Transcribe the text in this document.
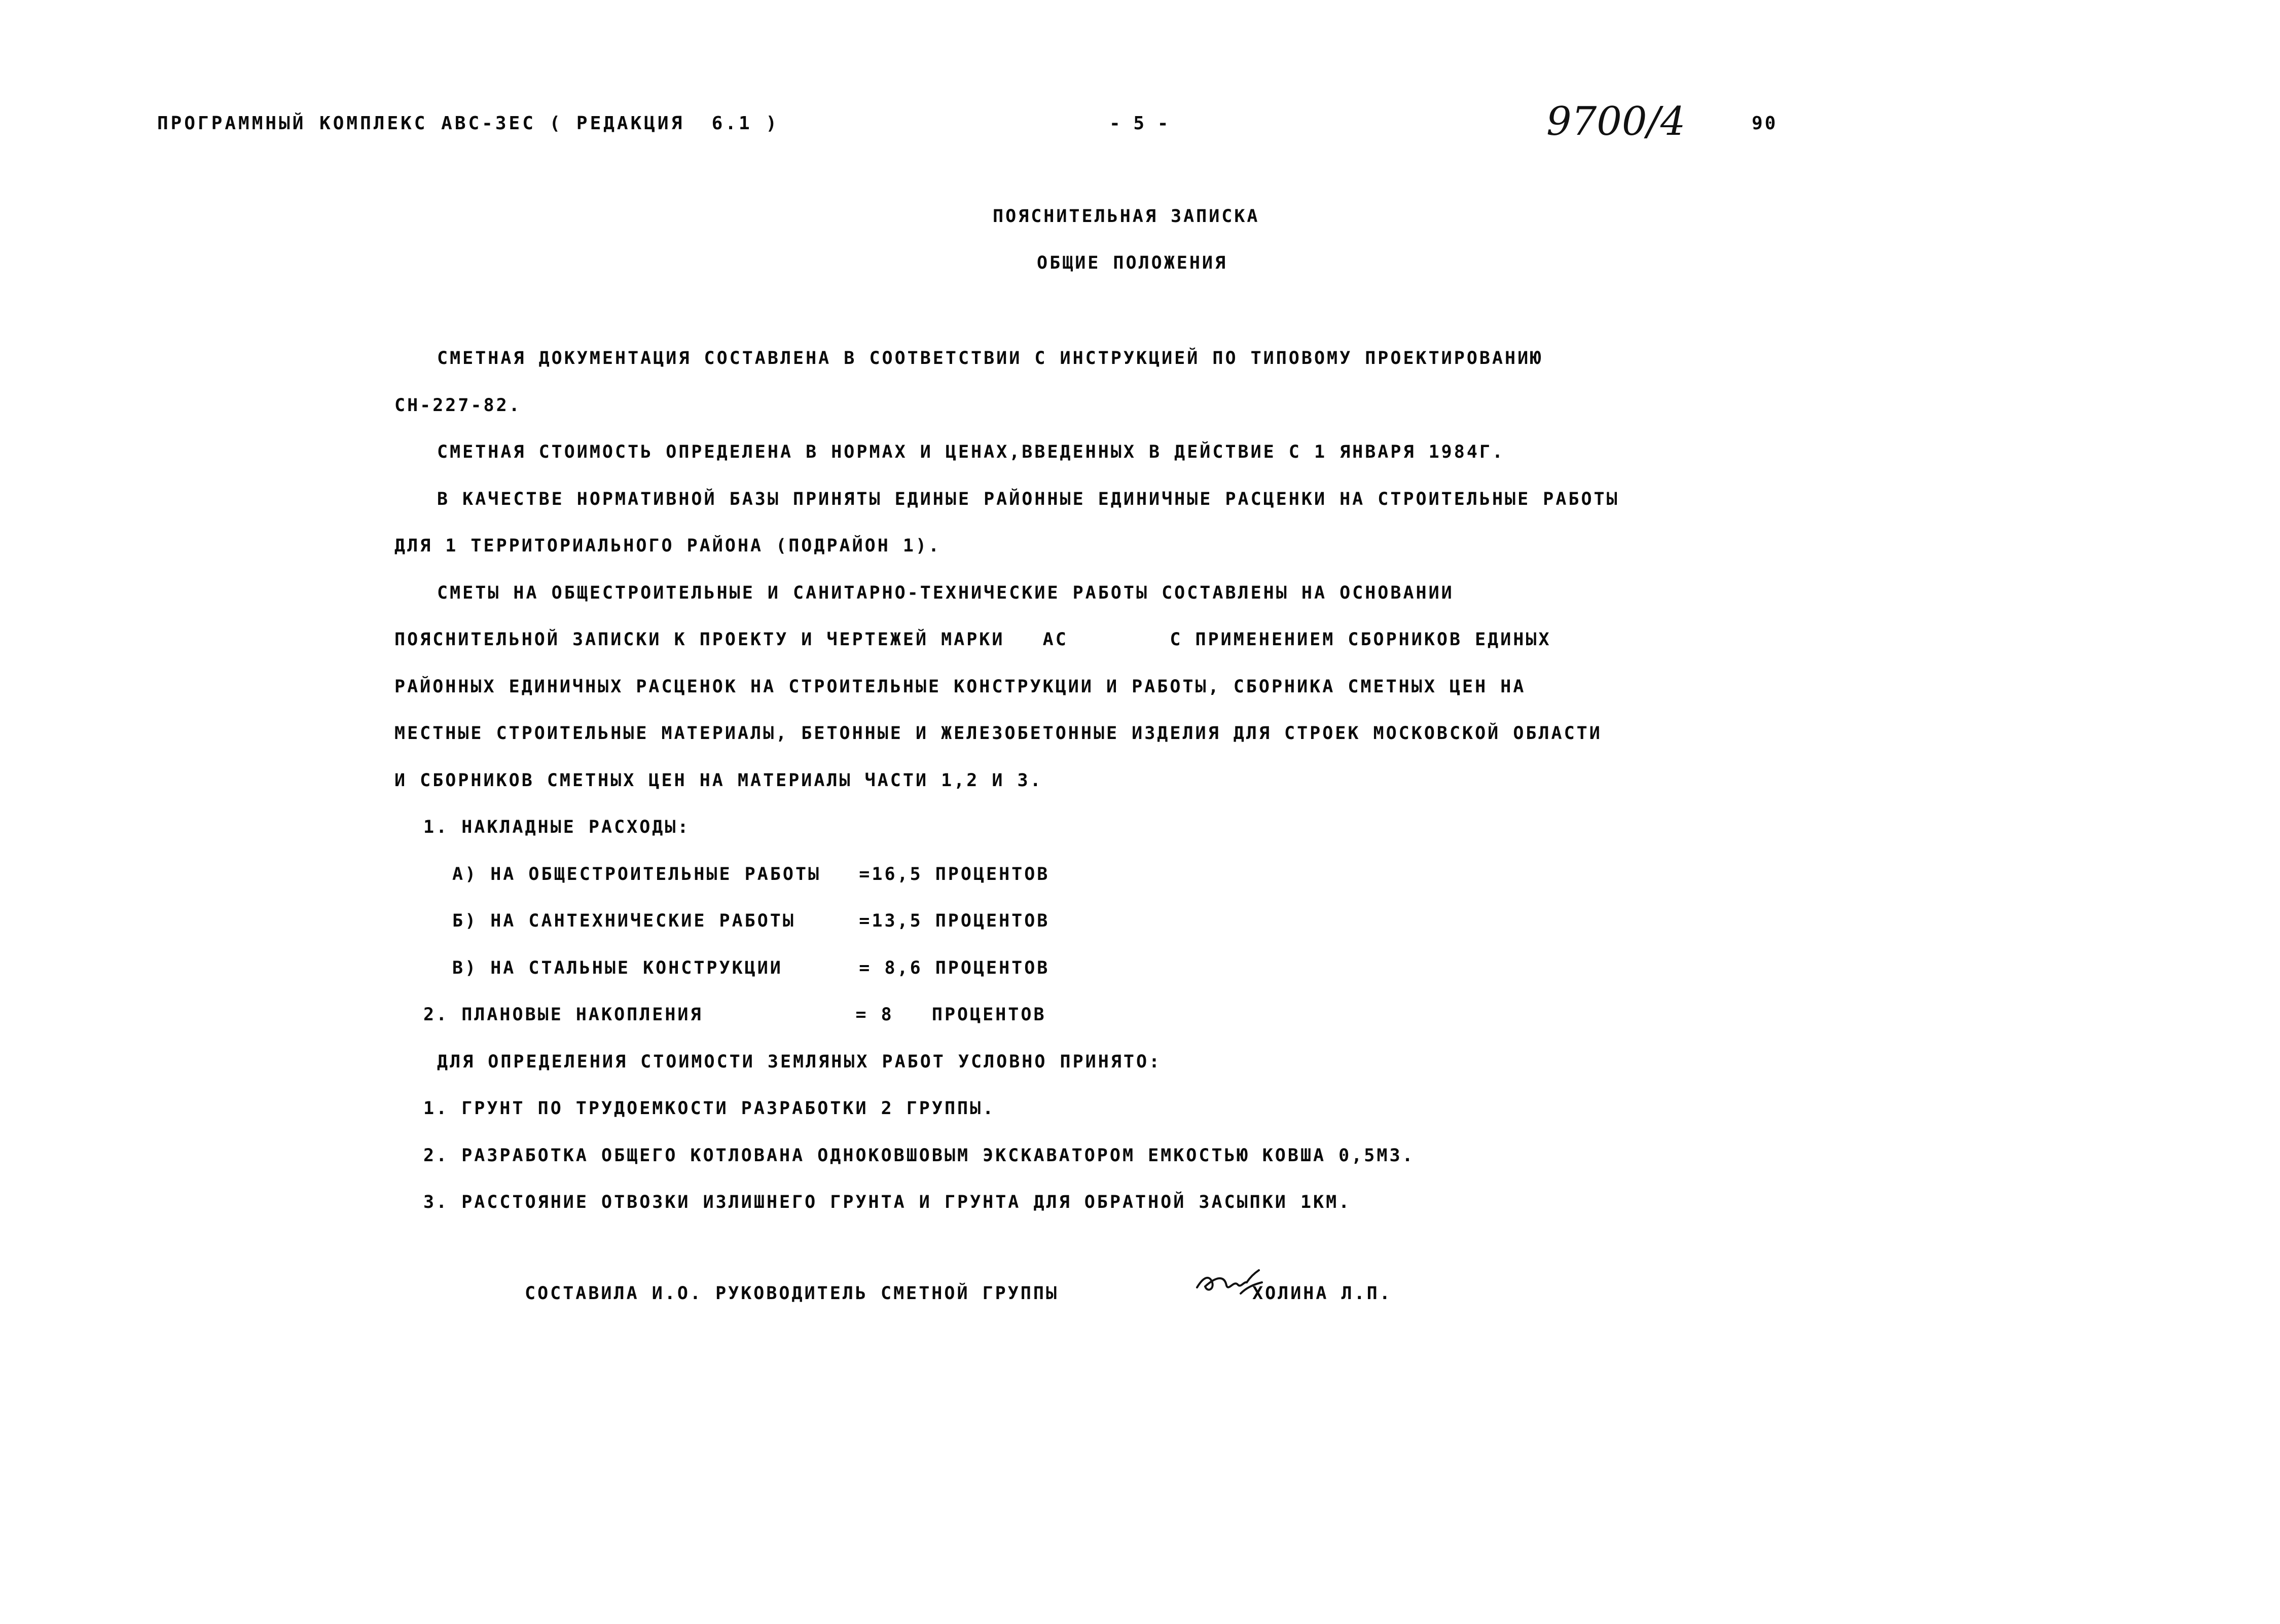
ПРОГРАММНЫЙ КОМПЛЕКС АВС-3ЕС ( РЕДАКЦИЯ  6.1 )	- 5 -	9700/4	90
ПОЯСНИТЕЛЬНАЯ ЗАПИСКА
ОБЩИЕ ПОЛОЖЕНИЯ
СМЕТНАЯ ДОКУМЕНТАЦИЯ СОСТАВЛЕНА В СООТВЕТСТВИИ С ИНСТРУКЦИЕЙ ПО ТИПОВОМУ ПРОЕКТИРОВАНИЮ
СН-227-82.
СМЕТНАЯ СТОИМОСТЬ ОПРЕДЕЛЕНА В НОРМАХ И ЦЕНАХ,ВВЕДЕННЫХ В ДЕЙСТВИЕ С 1 ЯНВАРЯ 1984Г.
В КАЧЕСТВЕ НОРМАТИВНОЙ БАЗЫ ПРИНЯТЫ ЕДИНЫЕ РАЙОННЫЕ ЕДИНИЧНЫЕ РАСЦЕНКИ НА СТРОИТЕЛЬНЫЕ РАБОТЫ
ДЛЯ 1 ТЕРРИТОРИАЛЬНОГО РАЙОНА (ПОДРАЙОН 1).
СМЕТЫ НА ОБЩЕСТРОИТЕЛЬНЫЕ И САНИТАРНО-ТЕХНИЧЕСКИЕ РАБОТЫ СОСТАВЛЕНЫ НА ОСНОВАНИИ
ПОЯСНИТЕЛЬНОЙ ЗАПИСКИ К ПРОЕКТУ И ЧЕРТЕЖЕЙ МАРКИ   АС        С ПРИМЕНЕНИЕМ СБОРНИКОВ ЕДИНЫХ
РАЙОННЫХ ЕДИНИЧНЫХ РАСЦЕНОК НА СТРОИТЕЛЬНЫЕ КОНСТРУКЦИИ И РАБОТЫ, СБОРНИКА СМЕТНЫХ ЦЕН НА
МЕСТНЫЕ СТРОИТЕЛЬНЫЕ МАТЕРИАЛЫ, БЕТОННЫЕ И ЖЕЛЕЗОБЕТОННЫЕ ИЗДЕЛИЯ ДЛЯ СТРОЕК МОСКОВСКОЙ ОБЛАСТИ
И СБОРНИКОВ СМЕТНЫХ ЦЕН НА МАТЕРИАЛЫ ЧАСТИ 1,2 И 3.
1. НАКЛАДНЫЕ РАСХОДЫ:
А) НА ОБЩЕСТРОИТЕЛЬНЫЕ РАБОТЫ   =16,5 ПРОЦЕНТОВ
Б) НА САНТЕХНИЧЕСКИЕ РАБОТЫ     =13,5 ПРОЦЕНТОВ
В) НА СТАЛЬНЫЕ КОНСТРУКЦИИ      = 8,6 ПРОЦЕНТОВ
2. ПЛАНОВЫЕ НАКОПЛЕНИЯ            = 8   ПРОЦЕНТОВ
ДЛЯ ОПРЕДЕЛЕНИЯ СТОИМОСТИ ЗЕМЛЯНЫХ РАБОТ УСЛОВНО ПРИНЯТО:
1. ГРУНТ ПО ТРУДОЕМКОСТИ РАЗРАБОТКИ 2 ГРУППЫ.
2. РАЗРАБОТКА ОБЩЕГО КОТЛОВАНА ОДНОКОВШОВЫМ ЭКСКАВАТОРОМ ЕМКОСТЬЮ КОВША 0,5М3.
3. РАССТОЯНИЕ ОТВОЗКИ ИЗЛИШНЕГО ГРУНТА И ГРУНТА ДЛЯ ОБРАТНОЙ ЗАСЫПКИ 1КМ.
СОСТАВИЛА И.О. РУКОВОДИТЕЛЬ СМЕТНОЙ ГРУППЫ	ХОЛИНА Л.П.
